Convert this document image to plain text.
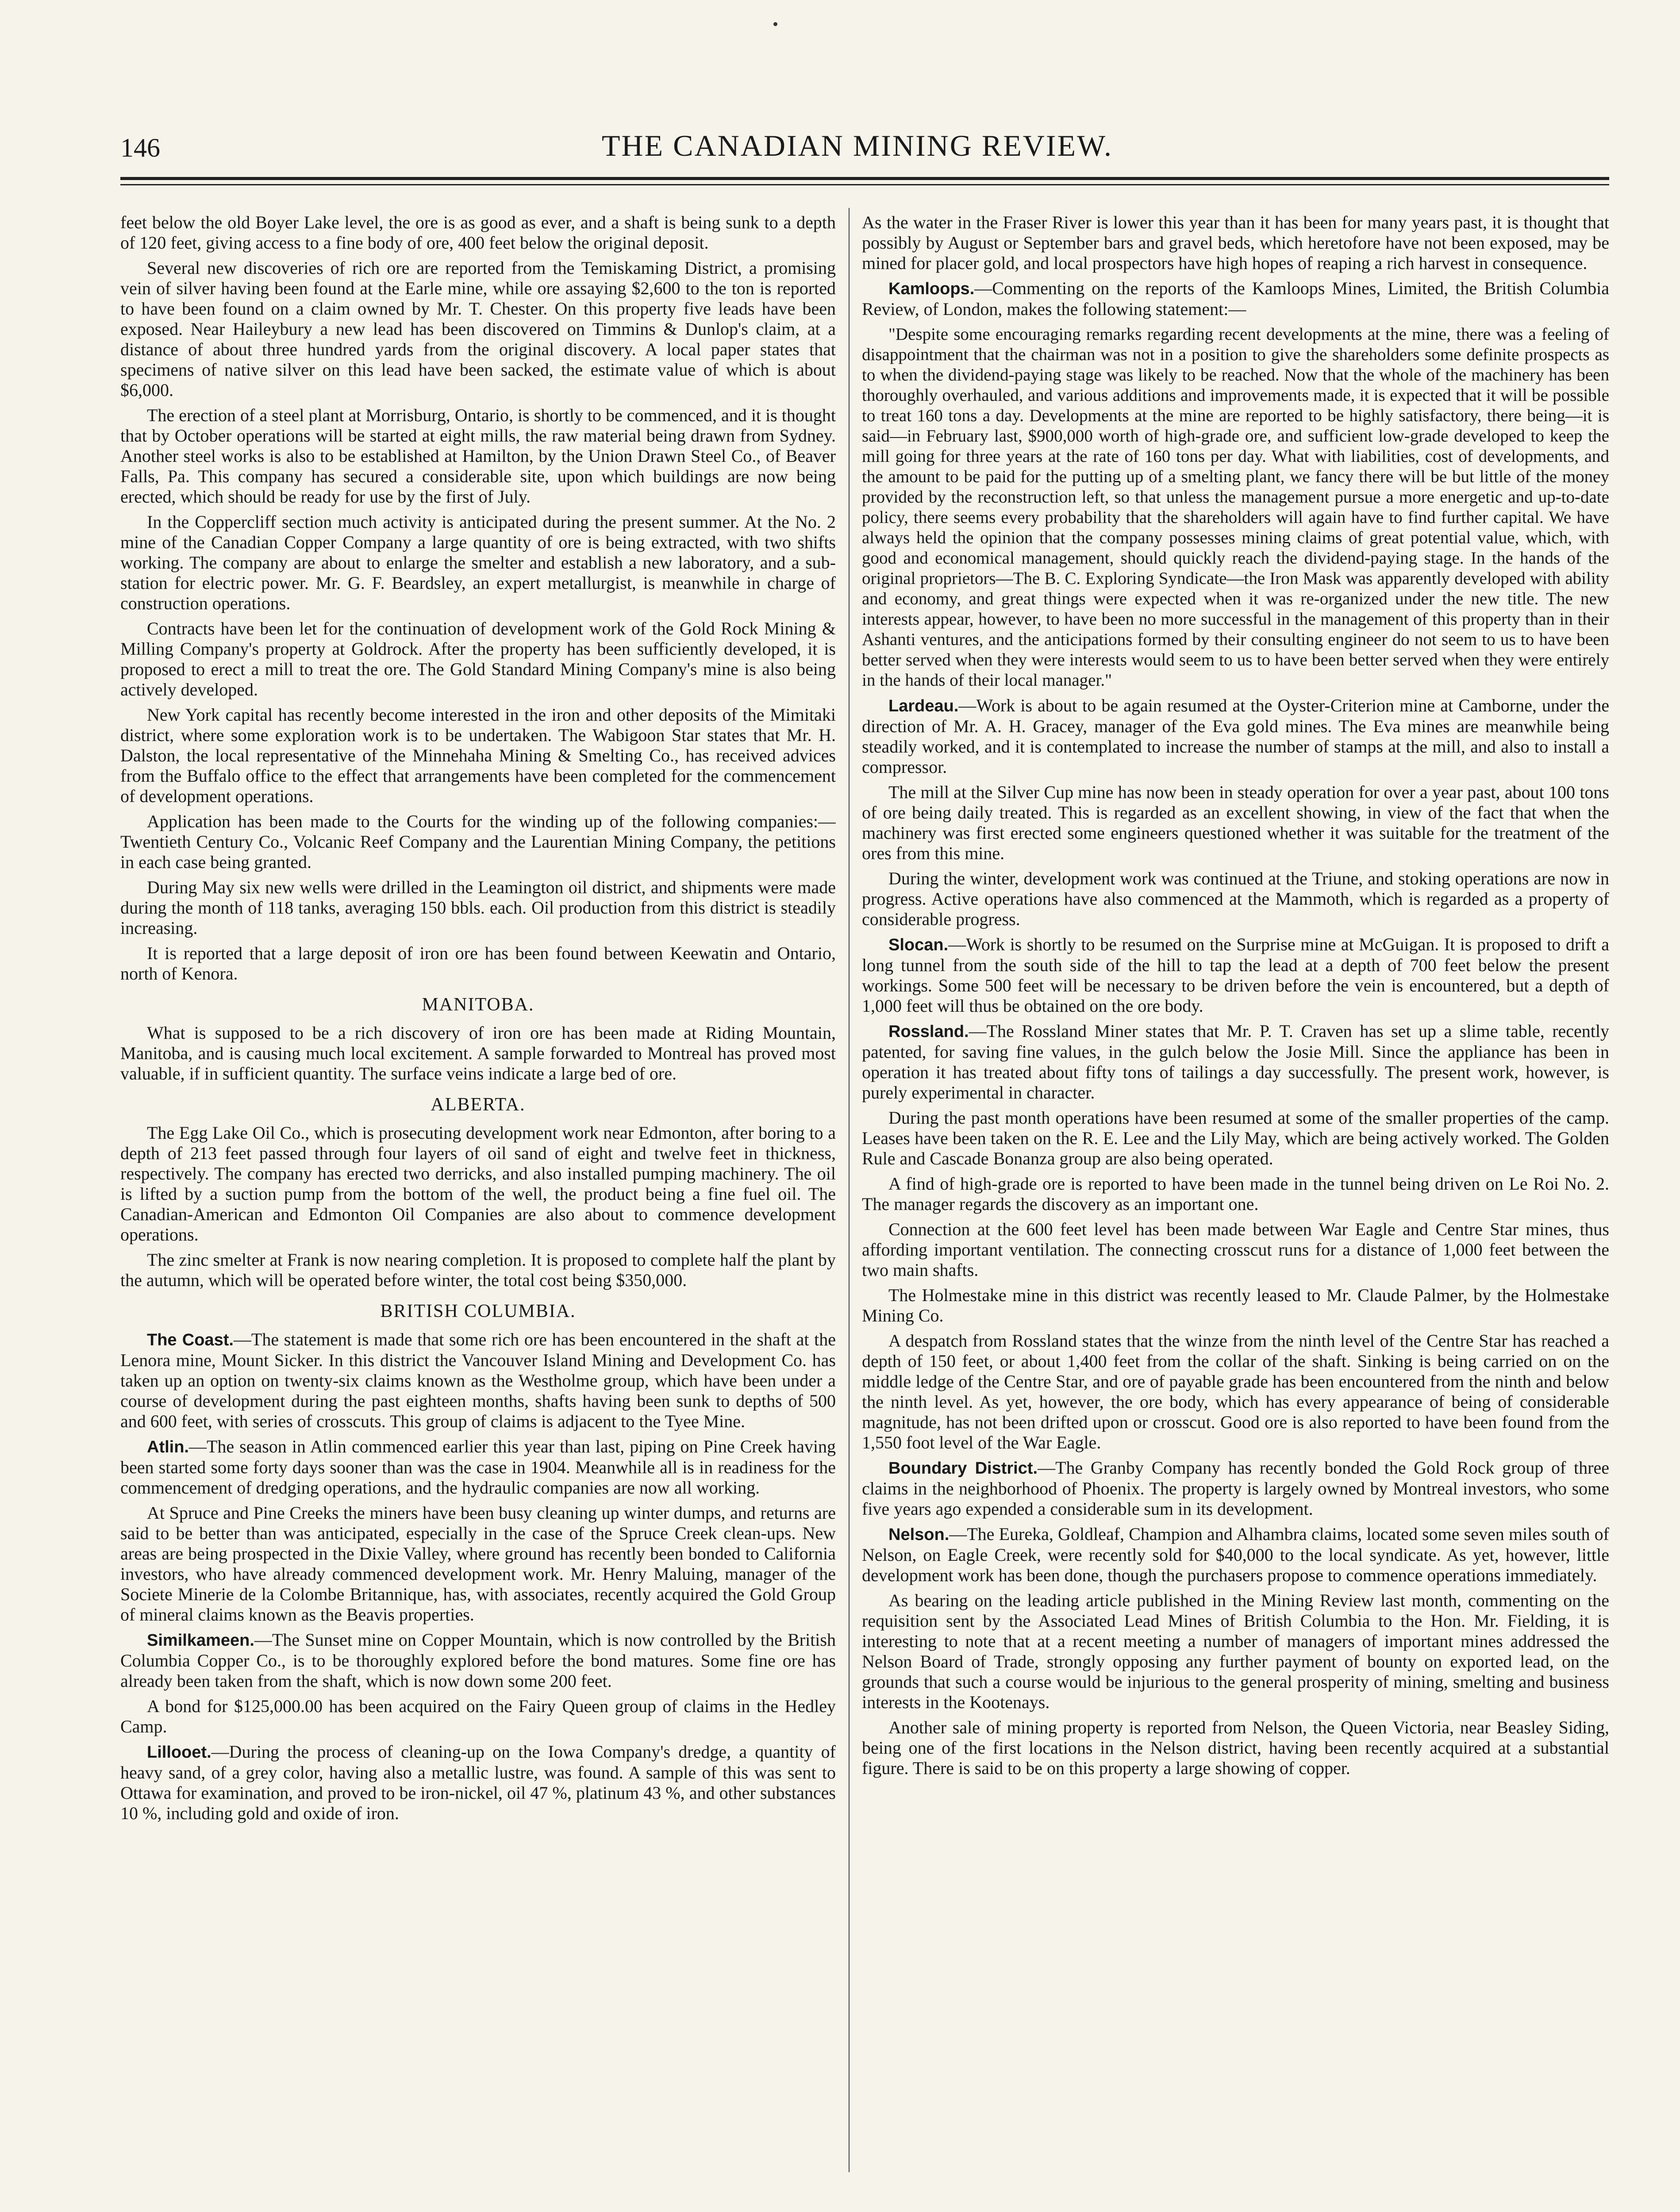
146	THE CANADIAN MINING REVIEW.

feet below the old Boyer Lake level, the ore is as good as ever, and a shaft is being sunk to a depth of 120 feet, giving access to a fine body of ore, 400 feet below the original deposit.

Several new discoveries of rich ore are reported from the Temiskaming District, a promising vein of silver having been found at the Earle mine, while ore assaying $2,600 to the ton is reported to have been found on a claim owned by Mr. T. Chester. On this property five leads have been exposed. Near Haileybury a new lead has been discovered on Timmins & Dunlop's claim, at a distance of about three hundred yards from the original discovery. A local paper states that specimens of native silver on this lead have been sacked, the estimate value of which is about $6,000.

The erection of a steel plant at Morrisburg, Ontario, is shortly to be commenced, and it is thought that by October operations will be started at eight mills, the raw material being drawn from Sydney. Another steel works is also to be established at Hamilton, by the Union Drawn Steel Co., of Beaver Falls, Pa. This company has secured a considerable site, upon which buildings are now being erected, which should be ready for use by the first of July.

In the Coppercliff section much activity is anticipated during the present summer. At the No. 2 mine of the Canadian Copper Company a large quantity of ore is being extracted, with two shifts working. The company are about to enlarge the smelter and establish a new laboratory, and a sub-station for electric power. Mr. G. F. Beardsley, an expert metallurgist, is meanwhile in charge of construction operations.

Contracts have been let for the continuation of development work of the Gold Rock Mining & Milling Company's property at Goldrock. After the property has been sufficiently developed, it is proposed to erect a mill to treat the ore. The Gold Standard Mining Company's mine is also being actively developed.

New York capital has recently become interested in the iron and other deposits of the Mimitaki district, where some exploration work is to be undertaken. The Wabigoon Star states that Mr. H. Dalston, the local representative of the Minnehaha Mining & Smelting Co., has received advices from the Buffalo office to the effect that arrangements have been completed for the commencement of development operations.

Application has been made to the Courts for the winding up of the following companies:—Twentieth Century Co., Volcanic Reef Company and the Laurentian Mining Company, the petitions in each case being granted.

During May six new wells were drilled in the Leamington oil district, and shipments were made during the month of 118 tanks, averaging 150 bbls. each. Oil production from this district is steadily increasing.

It is reported that a large deposit of iron ore has been found between Keewatin and Ontario, north of Kenora.

MANITOBA.

What is supposed to be a rich discovery of iron ore has been made at Riding Mountain, Manitoba, and is causing much local excitement. A sample forwarded to Montreal has proved most valuable, if in sufficient quantity. The surface veins indicate a large bed of ore.

ALBERTA.

The Egg Lake Oil Co., which is prosecuting development work near Edmonton, after boring to a depth of 213 feet passed through four layers of oil sand of eight and twelve feet in thickness, respectively. The company has erected two derricks, and also installed pumping machinery. The oil is lifted by a suction pump from the bottom of the well, the product being a fine fuel oil. The Canadian-American and Edmonton Oil Companies are also about to commence development operations.

The zinc smelter at Frank is now nearing completion. It is proposed to complete half the plant by the autumn, which will be operated before winter, the total cost being $350,000.

BRITISH COLUMBIA.

The Coast.—The statement is made that some rich ore has been encountered in the shaft at the Lenora mine, Mount Sicker. In this district the Vancouver Island Mining and Development Co. has taken up an option on twenty-six claims known as the Westholme group, which have been under a course of development during the past eighteen months, shafts having been sunk to depths of 500 and 600 feet, with series of crosscuts. This group of claims is adjacent to the Tyee Mine.

Atlin.—The season in Atlin commenced earlier this year than last, piping on Pine Creek having been started some forty days sooner than was the case in 1904. Meanwhile all is in readiness for the commencement of dredging operations, and the hydraulic companies are now all working.

At Spruce and Pine Creeks the miners have been busy cleaning up winter dumps, and returns are said to be better than was anticipated, especially in the case of the Spruce Creek clean-ups. New areas are being prospected in the Dixie Valley, where ground has recently been bonded to California investors, who have already commenced development work. Mr. Henry Maluing, manager of the Societe Minerie de la Colombe Britannique, has, with associates, recently acquired the Gold Group of mineral claims known as the Beavis properties.

Similkameen.—The Sunset mine on Copper Mountain, which is now controlled by the British Columbia Copper Co., is to be thoroughly explored before the bond matures. Some fine ore has already been taken from the shaft, which is now down some 200 feet.

A bond for $125,000.00 has been acquired on the Fairy Queen group of claims in the Hedley Camp.

Lillooet.—During the process of cleaning-up on the Iowa Company's dredge, a quantity of heavy sand, of a grey color, having also a metallic lustre, was found. A sample of this was sent to Ottawa for examination, and proved to be iron-nickel, oil 47 %, platinum 43 %, and other substances 10 %, including gold and oxide of iron.

As the water in the Fraser River is lower this year than it has been for many years past, it is thought that possibly by August or September bars and gravel beds, which heretofore have not been exposed, may be mined for placer gold, and local prospectors have high hopes of reaping a rich harvest in consequence.

Kamloops.—Commenting on the reports of the Kamloops Mines, Limited, the British Columbia Review, of London, makes the following statement:—

"Despite some encouraging remarks regarding recent developments at the mine, there was a feeling of disappointment that the chairman was not in a position to give the shareholders some definite prospects as to when the dividend-paying stage was likely to be reached. Now that the whole of the machinery has been thoroughly overhauled, and various additions and improvements made, it is expected that it will be possible to treat 160 tons a day. Developments at the mine are reported to be highly satisfactory, there being—it is said—in February last, $900,000 worth of high-grade ore, and sufficient low-grade developed to keep the mill going for three years at the rate of 160 tons per day. What with liabilities, cost of developments, and the amount to be paid for the putting up of a smelting plant, we fancy there will be but little of the money provided by the reconstruction left, so that unless the management pursue a more energetic and up-to-date policy, there seems every probability that the shareholders will again have to find further capital. We have always held the opinion that the company possesses mining claims of great potential value, which, with good and economical management, should quickly reach the dividend-paying stage. In the hands of the original proprietors—The B. C. Exploring Syndicate—the Iron Mask was apparently developed with ability and economy, and great things were expected when it was re-organized under the new title. The new interests appear, however, to have been no more successful in the management of this property than in their Ashanti ventures, and the anticipations formed by their consulting engineer do not seem to us to have been better served when they were interests would seem to us to have been better served when they were entirely in the hands of their local manager."

Lardeau.—Work is about to be again resumed at the Oyster-Criterion mine at Camborne, under the direction of Mr. A. H. Gracey, manager of the Eva gold mines. The Eva mines are meanwhile being steadily worked, and it is contemplated to increase the number of stamps at the mill, and also to install a compressor.

The mill at the Silver Cup mine has now been in steady operation for over a year past, about 100 tons of ore being daily treated. This is regarded as an excellent showing, in view of the fact that when the machinery was first erected some engineers questioned whether it was suitable for the treatment of the ores from this mine.

During the winter, development work was continued at the Triune, and stoking operations are now in progress. Active operations have also commenced at the Mammoth, which is regarded as a property of considerable progress.

Slocan.—Work is shortly to be resumed on the Surprise mine at McGuigan. It is proposed to drift a long tunnel from the south side of the hill to tap the lead at a depth of 700 feet below the present workings. Some 500 feet will be necessary to be driven before the vein is encountered, but a depth of 1,000 feet will thus be obtained on the ore body.

Rossland.—The Rossland Miner states that Mr. P. T. Craven has set up a slime table, recently patented, for saving fine values, in the gulch below the Josie Mill. Since the appliance has been in operation it has treated about fifty tons of tailings a day successfully. The present work, however, is purely experimental in character.

During the past month operations have been resumed at some of the smaller properties of the camp. Leases have been taken on the R. E. Lee and the Lily May, which are being actively worked. The Golden Rule and Cascade Bonanza group are also being operated.

A find of high-grade ore is reported to have been made in the tunnel being driven on Le Roi No. 2. The manager regards the discovery as an important one.

Connection at the 600 feet level has been made between War Eagle and Centre Star mines, thus affording important ventilation. The connecting crosscut runs for a distance of 1,000 feet between the two main shafts.

The Holmestake mine in this district was recently leased to Mr. Claude Palmer, by the Holmestake Mining Co.

A despatch from Rossland states that the winze from the ninth level of the Centre Star has reached a depth of 150 feet, or about 1,400 feet from the collar of the shaft. Sinking is being carried on on the middle ledge of the Centre Star, and ore of payable grade has been encountered from the ninth and below the ninth level. As yet, however, the ore body, which has every appearance of being of considerable magnitude, has not been drifted upon or crosscut. Good ore is also reported to have been found from the 1,550 foot level of the War Eagle.

Boundary District.—The Granby Company has recently bonded the Gold Rock group of three claims in the neighborhood of Phoenix. The property is largely owned by Montreal investors, who some five years ago expended a considerable sum in its development.

Nelson.—The Eureka, Goldleaf, Champion and Alhambra claims, located some seven miles south of Nelson, on Eagle Creek, were recently sold for $40,000 to the local syndicate. As yet, however, little development work has been done, though the purchasers propose to commence operations immediately.

As bearing on the leading article published in the Mining Review last month, commenting on the requisition sent by the Associated Lead Mines of British Columbia to the Hon. Mr. Fielding, it is interesting to note that at a recent meeting a number of managers of important mines addressed the Nelson Board of Trade, strongly opposing any further payment of bounty on exported lead, on the grounds that such a course would be injurious to the general prosperity of mining, smelting and business interests in the Kootenays.

Another sale of mining property is reported from Nelson, the Queen Victoria, near Beasley Siding, being one of the first locations in the Nelson district, having been recently acquired at a substantial figure. There is said to be on this property a large showing of copper.
